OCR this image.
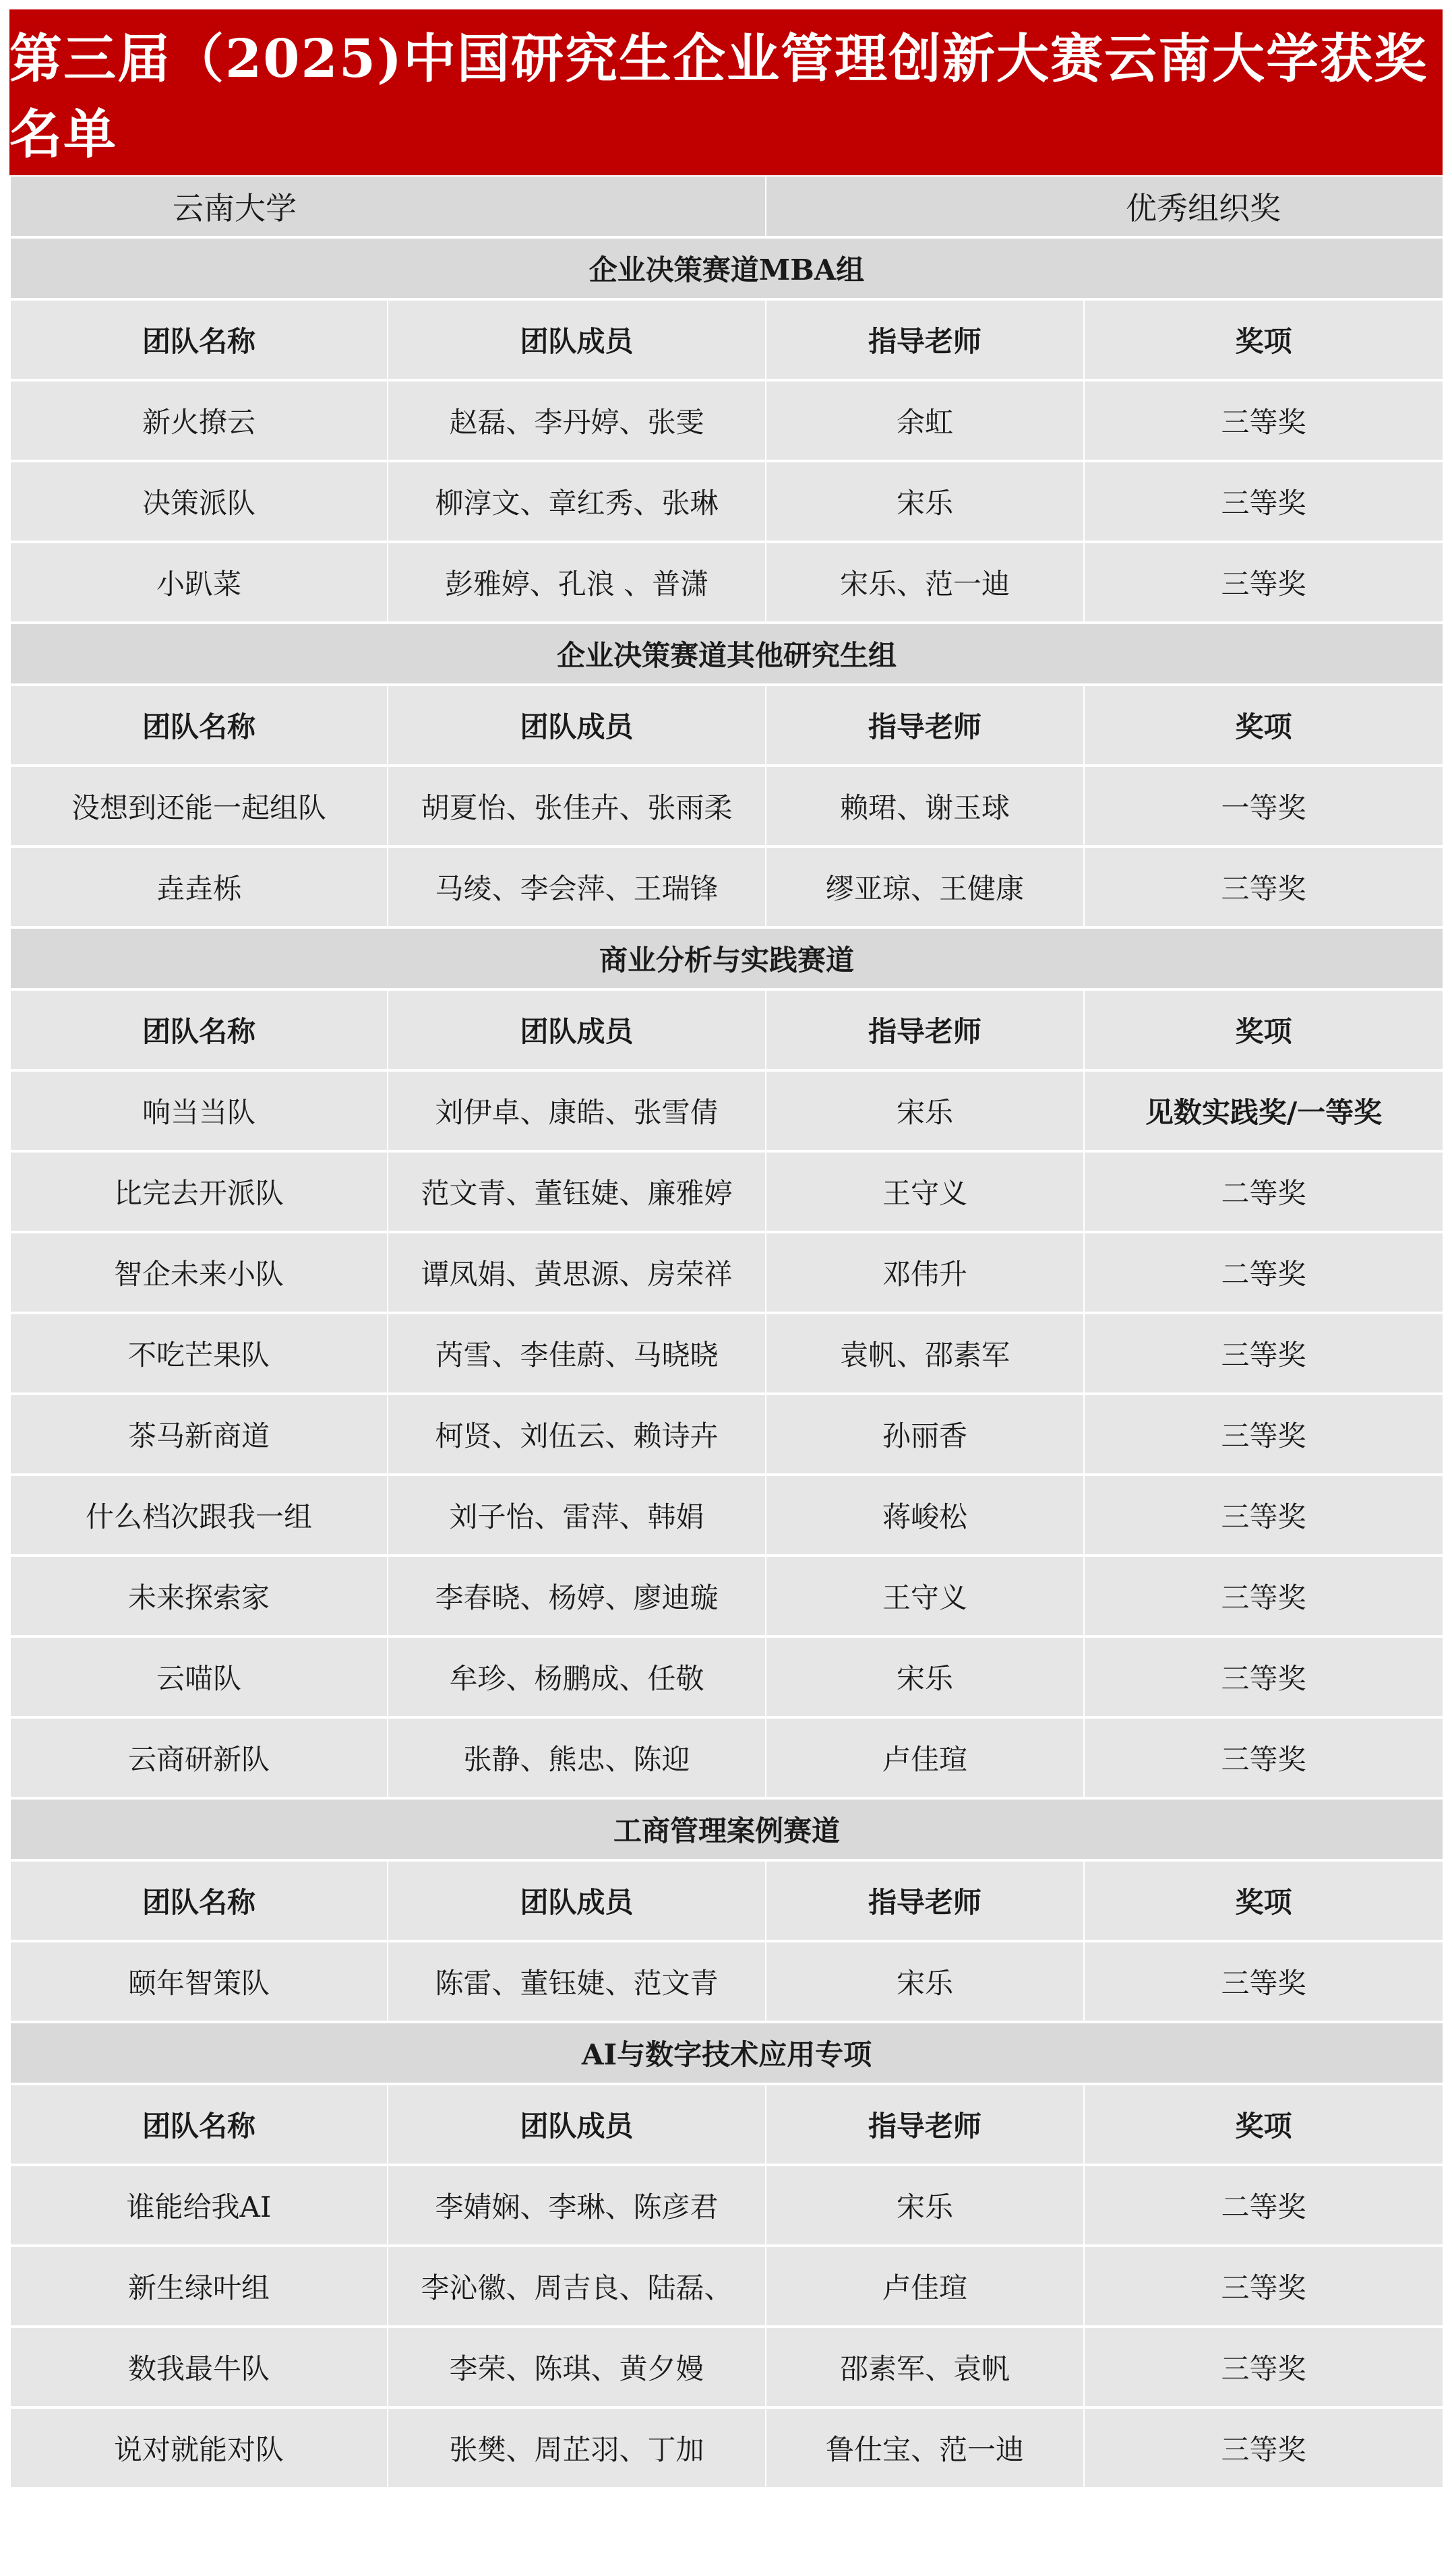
第三届（2025)中国研究生企业管理创新大赛云南大学获奖名单
云南大学		优秀组织奖	
企业决策赛道MBA组			
团队名称	团队成员	指导老师	奖项
新火撩云	赵磊、李丹婷、张雯	余虹	三等奖
决策派队	柳淳文、章红秀、张琳	宋乐	三等奖
小趴菜	彭雅婷、孔浪 、普潇	宋乐、范一迪	三等奖
企业决策赛道其他研究生组			
团队名称	团队成员	指导老师	奖项
没想到还能一起组队	胡夏怡、张佳卉、张雨柔	赖珺、谢玉球	一等奖
垚垚栎	马绫、李会萍、王瑞锋	缪亚琼、王健康	三等奖
商业分析与实践赛道			
团队名称	团队成员	指导老师	奖项
响当当队	刘伊卓、康皓、张雪倩	宋乐	见数实践奖/一等奖
比完去开派队	范文青、董钰婕、廉雅婷	王守义	二等奖
智企未来小队	谭凤娟、黄思源、房荣祥	邓伟升	二等奖
不吃芒果队	芮雪、李佳蔚、马晓晓	袁帆、邵素军	三等奖
茶马新商道	柯贤、刘伍云、赖诗卉	孙丽香	三等奖
什么档次跟我一组	刘子怡、雷萍、韩娟	蒋峻松	三等奖
未来探索家	李春晓、杨婷、廖迪璇	王守义	三等奖
云喵队	牟珍、杨鹏成、任敬	宋乐	三等奖
云商研新队	张静、熊忠、陈迎	卢佳瑄	三等奖
工商管理案例赛道			
团队名称	团队成员	指导老师	奖项
颐年智策队	陈雷、董钰婕、范文青	宋乐	三等奖
AI与数字技术应用专项			
团队名称	团队成员	指导老师	奖项
谁能给我AI	李婧娴、李琳、陈彦君	宋乐	二等奖
新生绿叶组	李沁徽、周吉良、陆磊、	卢佳瑄	三等奖
数我最牛队	李荣、陈琪、黄夕嫚	邵素军、袁帆	三等奖
说对就能对队	张樊、周芷羽、丁加	鲁仕宝、范一迪	三等奖
